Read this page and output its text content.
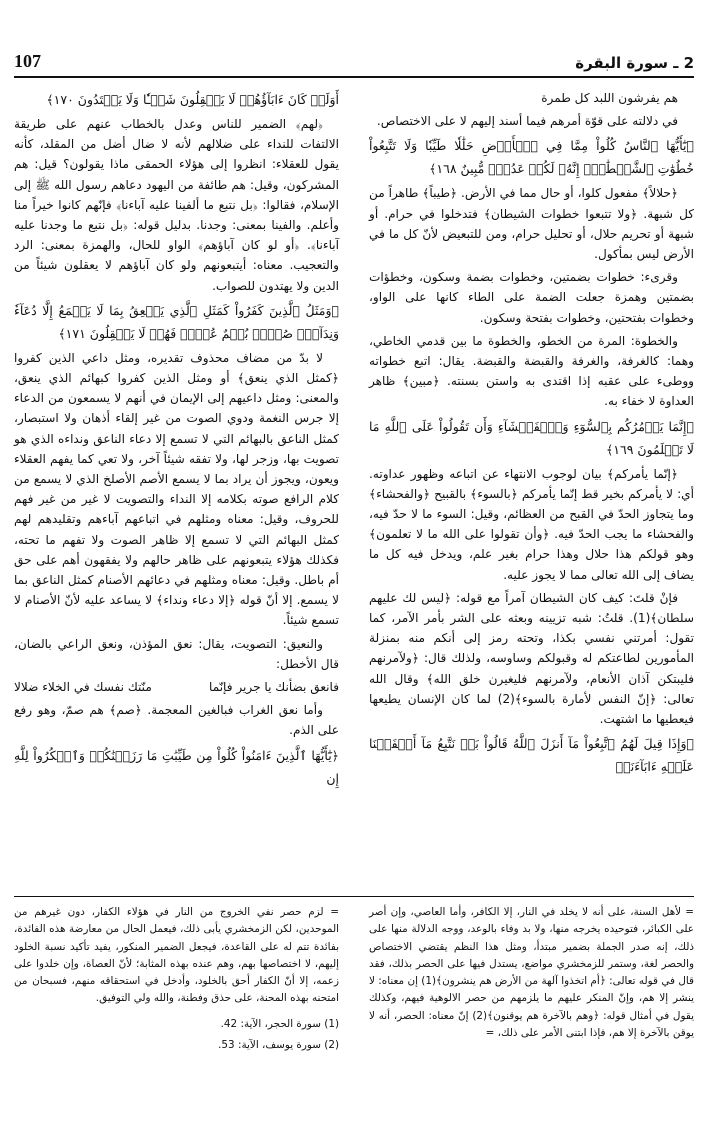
107	2 ـ سورة البقرة

هم يفرشون اللبد كل طمرة

في دلالته على قوّة أمرهم فيما أسند إليهم لا على الاختصاص.

﴿يَٰٓأَيُّهَا ٱلنَّاسُ كُلُواْ مِمَّا فِي ٱلۡأَرۡضِ حَلَٰلٗا طَيِّبٗا وَلَا تَتَّبِعُواْ خُطُوَٰتِ ٱلشَّيۡطَٰنِۚ إِنَّهُۥ لَكُمۡ عَدُوّٞ مُّبِينٌ ١٦٨﴾

﴿حلالاً﴾ مفعول كلوا، أو حال مما في الأرض. ﴿طيباً﴾ طاهراً من كل شبهة. ﴿ولا تتبعوا خطوات الشيطان﴾ فتدخلوا في حرام. أو شبهة أو تحريم حلال، أو تحليل حرام، ومن للتبعيض لأنّ كل ما في الأرض ليس بمأكول.

وقرىء: خطوات بضمتين، وخطوات بضمة وسكون، وخطؤات بضمتين وهمزة جعلت الضمة على الطاء كانها على الواو، وخطوات بفتحتين، وخطوات بفتحة وسكون.

والخطوة: المرة من الخطو، والخطوة ما بين قدمي الخاطي، وهما: كالغرفة، والغرفة والقبضة والقبضة. يقال: اتبع خطواته ووطىء على عقبه إذا اقتدى به واستن بسنته. ﴿مبين﴾ ظاهر العداوة لا خفاء به.

﴿إِنَّمَا يَأۡمُرُكُم بِٱلسُّوٓءِ وَٱلۡفَحۡشَآءِ وَأَن تَقُولُواْ عَلَى ٱللَّهِ مَا لَا تَعۡلَمُونَ ١٦٩﴾

﴿إنّما يأمركم﴾ بيان لوجوب الانتهاء عن اتباعه وظهور عداوته. أي: لا يأمركم بخير قط إنّما يأمركم ﴿بالسوء﴾ بالقبيح ﴿والفحشاء﴾ وما يتجاوز الحدّ في القبح من العظائم، وقيل: السوء ما لا حدّ فيه، والفحشاء ما يجب الحدّ فيه. ﴿وأن تقولوا على الله ما لا تعلمون﴾ وهو قولكم هذا حلال وهذا حرام بغير علم، ويدخل فيه كل ما يضاف إلى الله تعالى مما لا يجوز عليه.

فإنْ قلتَ: كيف كان الشيطان آمراً مع قوله: ﴿ليس لك عليهم سلطان﴾(1). قلتُ: شبه تزيينه وبعثه على الشر بأمر الآمر، كما تقول: أمرتني نفسي بكذا، وتحته رمز إلى أنكم منه بمنزلة المأمورين لطاعتكم له وقبولكم وساوسه، ولذلك قال: ﴿ولآمرنهم فليبتكن آذان الأنعام، ولآمرنهم فليغيرن خلق الله﴾ وقال الله تعالى: ﴿إنّ النفس لأمارة بالسوء﴾(2) لما كان الإنسان يطيعها فيعطيها ما اشتهت.

﴿وَإِذَا قِيلَ لَهُمُ ٱتَّبِعُواْ مَآ أَنزَلَ ٱللَّهُ قَالُواْ بَلۡ نَتَّبِعُ مَآ أَلۡفَيۡنَا عَلَيۡهِ ءَابَآءَنَآۚ

أَوَلَوۡ كَانَ ءَابَآؤُهُمۡ لَا يَعۡقِلُونَ شَيۡـٔٗا وَلَا يَهۡتَدُونَ ١٧٠﴾

﴿لهم﴾ الضمير للناس وعدل بالخطاب عنهم على طريقة الالتفات للنداء على ضلالهم لأنه لا ضال أضل من المقلد، كأنه يقول للعقلاء: انظروا إلى هؤلاء الحمقى ماذا يقولون؟ قيل: هم المشركون، وقيل: هم طائفة من اليهود دعاهم رسول الله ﷺ إلى الإسلام، فقالوا: ﴿بل نتبع ما ألفينا عليه آباءنا﴾ فإنّهم كانوا خيراً منا وأعلم. والفينا بمعنى: وجدنا. بدليل قوله: ﴿بل نتبع ما وجدنا عليه آباءنا﴾. ﴿أو لو كان آباؤهم﴾ الواو للحال، والهمزة بمعنى: الرد والتعجيب. معناه: أيتبعونهم ولو كان آباؤهم لا يعقلون شيئاً من الدين ولا يهتدون للصواب.

﴿وَمَثَلُ ٱلَّذِينَ كَفَرُواْ كَمَثَلِ ٱلَّذِي يَنۡعِقُ بِمَا لَا يَسۡمَعُ إِلَّا دُعَآءٗ وَنِدَآءٗۚ صُمُّۢ بُكۡمٌ عُمۡيٞ فَهُمۡ لَا يَعۡقِلُونَ ١٧١﴾

لا بدّ من مضاف محذوف تقديره، ومثل داعي الذين كفروا ﴿كمثل الذي ينعق﴾ أو ومثل الذين كفروا كبهائم الذي ينعق، والمعنى: ومثل داعيهم إلى الإيمان في أنهم لا يسمعون من الدعاء إلا جرس النغمة ودوي الصوت من غير إلقاء أذهان ولا استبصار، كمثل الناعق بالبهائم التي لا تسمع إلا دعاء الناعق ونداءه الذي هو تصويت بها، وزجر لها، ولا تفقه شيئاً آخر، ولا تعي كما يفهم العقلاء ويعون، ويجوز أن يراد بما لا يسمع الأصم الأصلخ الذي لا يسمع من كلام الرافع صوته بكلامه إلا النداء والتصويت لا غير من غير فهم للحروف، وقيل: معناه ومثلهم في اتباعهم آباءهم وتقليدهم لهم كمثل البهائم التي لا تسمع إلا ظاهر الصوت ولا تفهم ما تحته، فكذلك هؤلاء يتبعونهم على ظاهر حالهم ولا يفقهون أهم على حق أم باطل. وقيل: معناه ومثلهم في دعائهم الأصنام كمثل الناعق بما لا يسمع. إلا أنّ قوله ﴿إلا دعاء ونداء﴾ لا يساعد عليه لأنّ الأصنام لا تسمع شيئاً.

والنعيق: التصويت، يقال: نعق المؤذن، ونعق الراعي بالضان، قال الأخطل:

فانعق بضأنك يا جرير فإنّما
منّتك نفسك في الخلاء ضلالا

وأما نعق الغراب فبالغين المعجمة. ﴿صم﴾ هم صمّ، وهو رفع على الذم.

﴿يَٰٓأَيُّهَا ٱلَّذِينَ ءَامَنُواْ كُلُواْ مِن طَيِّبَٰتِ مَا رَزَقۡنَٰكُمۡ وَٱشۡكُرُواْ لِلَّهِ إِن

= لأهل السنة، على أنه لا يخلد في النار، إلا الكافر، وأما العاصي، وإن أصر على الكبائر، فتوحيده يخرجه منها، ولا بد وفاء بالوعد، ووجه الدلالة منها على ذلك، إنه صدر الجملة بضمير مبتدأ، ومثل هذا النظم يقتضي الاختصاص والحصر لغة، وستمر للزمخشري مواضع، يستدل فيها على الحصر بذلك، فقد قال في قوله تعالى: ﴿أم اتخذوا آلهة من الأرض هم ينشرون﴾(1) إن معناه: لا ينشر إلا هم، وإنّ المنكر عليهم ما يلزمهم من حصر الالوهية فيهم، وكذلك يقول في أمثال قوله: ﴿وهم بالآخرة هم يوقنون﴾(2) إنّ معناه: الحصر، أنه لا يوقن بالآخرة إلا هم، فإذا ابتنى الأمر على ذلك، =

= لزم حصر نفي الخروج من النار في هؤلاء الكفار، دون غيرهم من الموحدين، لكن الزمخشري يأبى ذلك، فيعمل الحال من معارضة هذه الفائدة، بفائدة تتم له على القاعدة، فيجعل الضمير المنكور، يفيد تأكيد نسبة الخلود إليهم، لا اختصاصها بهم، وهم عنده بهذه المثابة؛ لأنّ العصاة، وإن خلدوا على زعمه، إلا أنّ الكفار أحق بالخلود، وأدخل في استحقاقه منهم، فسبحان من امتحنه بهذه المحنة، على حذق وفطنة، والله ولي التوفيق.

(1) سورة الحجر، الآية: 42.
(2) سورة يوسف، الآية: 53.
